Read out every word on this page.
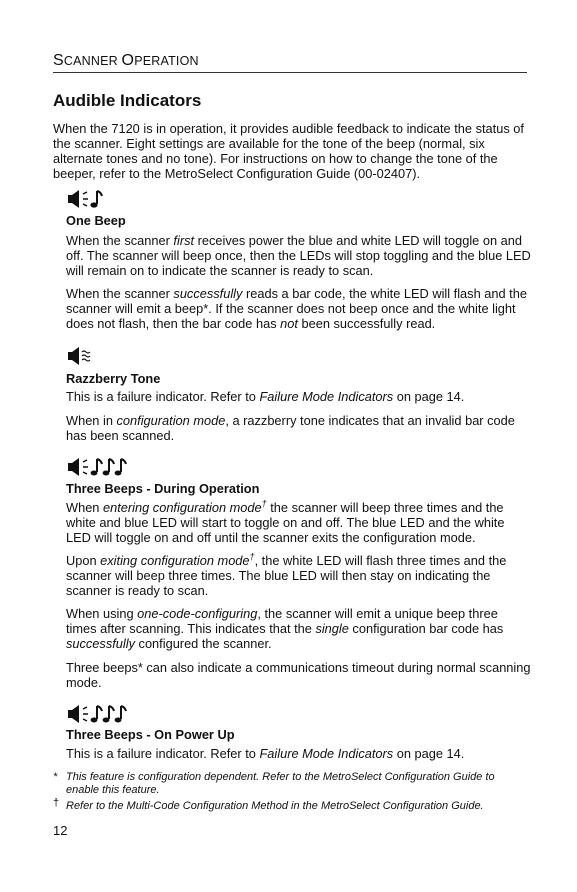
SCANNER OPERATION
Audible Indicators
When the 7120 is in operation, it provides audible feedback to indicate the status of the scanner. Eight settings are available for the tone of the beep (normal, six alternate tones and no tone). For instructions on how to change the tone of the beeper, refer to the MetroSelect Configuration Guide (00-02407).
One Beep
When the scanner first receives power the blue and white LED will toggle on and off. The scanner will beep once, then the LEDs will stop toggling and the blue LED will remain on to indicate the scanner is ready to scan.
When the scanner successfully reads a bar code, the white LED will flash and the scanner will emit a beep*. If the scanner does not beep once and the white light does not flash, then the bar code has not been successfully read.
Razzberry Tone
This is a failure indicator. Refer to Failure Mode Indicators on page 14.
When in configuration mode, a razzberry tone indicates that an invalid bar code has been scanned.
Three Beeps - During Operation
When entering configuration mode† the scanner will beep three times and the white and blue LED will start to toggle on and off. The blue LED and the white LED will toggle on and off until the scanner exits the configuration mode.
Upon exiting configuration mode†, the white LED will flash three times and the scanner will beep three times. The blue LED will then stay on indicating the scanner is ready to scan.
When using one-code-configuring, the scanner will emit a unique beep three times after scanning. This indicates that the single configuration bar code has successfully configured the scanner.
Three beeps* can also indicate a communications timeout during normal scanning mode.
Three Beeps - On Power Up
This is a failure indicator. Refer to Failure Mode Indicators on page 14.
* This feature is configuration dependent. Refer to the MetroSelect Configuration Guide to enable this feature.
† Refer to the Multi-Code Configuration Method in the MetroSelect Configuration Guide.
12
